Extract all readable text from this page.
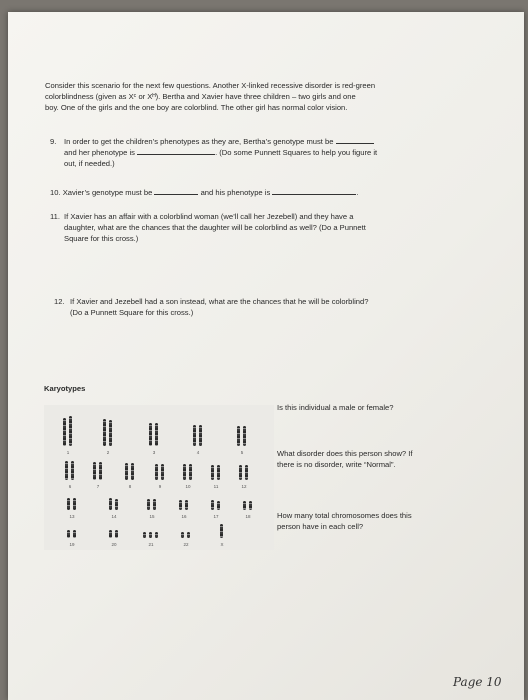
Consider this scenario for the next few questions. Another X-linked recessive disorder is red-green
colorblindness (given as Xᶜ or Xᴴ). Bertha and Xavier have three children – two girls and one
boy. One of the girls and the one boy are colorblind. The other girl has normal color vision.
9. In order to get the children’s phenotypes as they are, Bertha’s genotype must be
and her phenotype is	. (Do some Punnett Squares to help you figure it
out, if needed.)
10. Xavier’s genotype must be	and his phenotype is	.
11. If Xavier has an affair with a colorblind woman (we’ll call her Jezebell) and they have a
daughter, what are the chances that the daughter will be colorblind as well? (Do a Punnett
Square for this cross.)
12. If Xavier and Jezebell had a son instead, what are the chances that he will be colorblind?
(Do a Punnett Square for this cross.)
Karyotypes
1	2	3	4	5
6	7	8	9	10	11	12
13	14	15	16	17	18
19	20	21	22	X
Is this individual a male or female?
What disorder does this person show? If
there is no disorder, write “Normal”.
How many total chromosomes does this
person have in each cell?
Page 10
